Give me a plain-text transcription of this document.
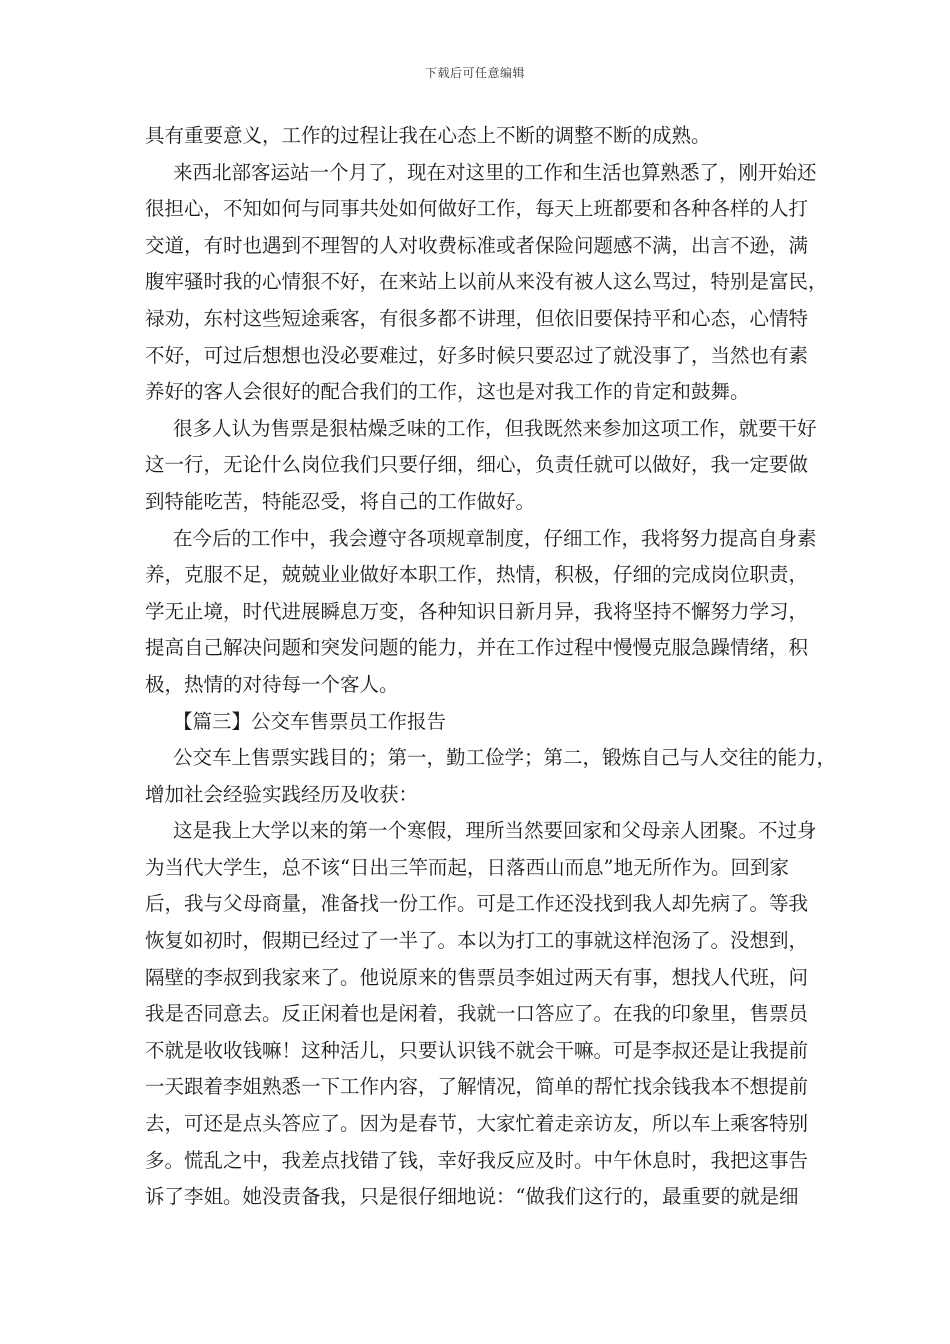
下载后可任意编辑
具有重要意义，工作的过程让我在心态上不断的调整不断的成熟。
来西北部客运站一个月了，现在对这里的工作和生活也算熟悉了，刚开始还
很担心，不知如何与同事共处如何做好工作，每天上班都要和各种各样的人打
交道，有时也遇到不理智的人对收费标准或者保险问题感不满，出言不逊，满
腹牢骚时我的心情狠不好，在来站上以前从来没有被人这么骂过，特别是富民，
禄劝，东村这些短途乘客，有很多都不讲理，但依旧要保持平和心态，心情特
不好，可过后想想也没必要难过，好多时候只要忍过了就没事了，当然也有素
养好的客人会很好的配合我们的工作，这也是对我工作的肯定和鼓舞。
很多人认为售票是狠枯燥乏味的工作，但我既然来参加这项工作，就要干好
这一行，无论什么岗位我们只要仔细，细心，负责任就可以做好，我一定要做
到特能吃苦，特能忍受，将自己的工作做好。
在今后的工作中，我会遵守各项规章制度，仔细工作，我将努力提高自身素
养，克服不足，兢兢业业做好本职工作，热情，积极，仔细的完成岗位职责，
学无止境，时代进展瞬息万变，各种知识日新月异，我将坚持不懈努力学习，
提高自己解决问题和突发问题的能力，并在工作过程中慢慢克服急躁情绪，积
极，热情的对待每一个客人。
【篇三】公交车售票员工作报告
公交车上售票实践目的；第一，勤工俭学；第二，锻炼自己与人交往的能力，
增加社会经验实践经历及收获：
这是我上大学以来的第一个寒假，理所当然要回家和父母亲人团聚。不过身
为当代大学生，总不该“日出三竿而起，日落西山而息”地无所作为。回到家
后，我与父母商量，准备找一份工作。可是工作还没找到我人却先病了。等我
恢复如初时，假期已经过了一半了。本以为打工的事就这样泡汤了。没想到，
隔壁的李叔到我家来了。他说原来的售票员李姐过两天有事，想找人代班，问
我是否同意去。反正闲着也是闲着，我就一口答应了。在我的印象里，售票员
不就是收收钱嘛！这种活儿，只要认识钱不就会干嘛。可是李叔还是让我提前
一天跟着李姐熟悉一下工作内容，了解情况，简单的帮忙找余钱我本不想提前
去，可还是点头答应了。因为是春节，大家忙着走亲访友，所以车上乘客特别
多。慌乱之中，我差点找错了钱，幸好我反应及时。中午休息时，我把这事告
诉了李姐。她没责备我，只是很仔细地说：“做我们这行的，最重要的就是细
